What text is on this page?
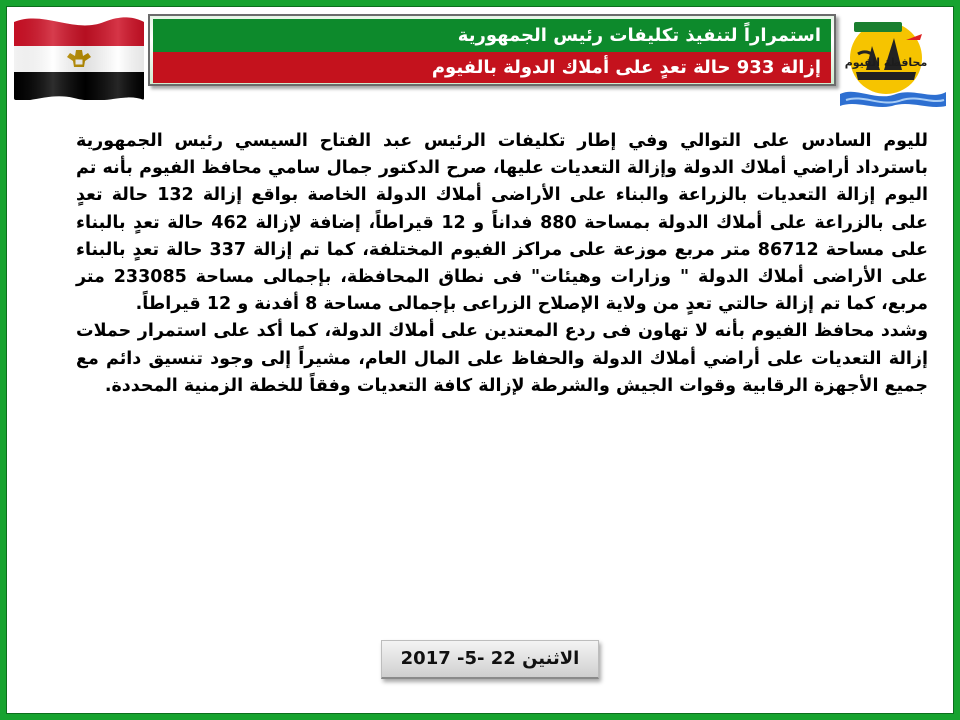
استمراراً لتنفيذ تكليفات رئيس الجمهورية
إزالة 933 حالة تعدٍ على أملاك الدولة بالفيوم	محافظة الفيوم

لليوم السادس على التوالي وفي إطار تكليفات الرئيس عبد الفتاح السيسي رئيس الجمهورية باسترداد أراضي أملاك الدولة وإزالة التعديات عليها، صرح الدكتور جمال سامي محافظ الفيوم بأنه تم اليوم إزالة التعديات بالزراعة والبناء على الأراضى أملاك الدولة الخاصة بواقع إزالة 132 حالة تعدٍ على بالزراعة على أملاك الدولة بمساحة 880 فداناً و 12 قيراطاً، إضافة لإزالة 462 حالة تعدٍ بالبناء على مساحة 86712 متر مربع موزعة على مراكز الفيوم المختلفة، كما تم إزالة 337 حالة تعدٍ بالبناء على الأراضى أملاك الدولة " وزارات وهيئات" فى نطاق المحافظة، بإجمالى مساحة 233085 متر مربع، كما تم إزالة حالتي تعدٍ من ولاية الإصلاح الزراعى بإجمالى مساحة 8 أفدنة و 12 قيراطاً.

وشدد محافظ الفيوم بأنه لا تهاون فى ردع المعتدين على أملاك الدولة، كما أكد على استمرار حملات إزالة التعديات على أراضي أملاك الدولة والحفاظ على المال العام، مشيراً إلى وجود تنسيق دائم مع جميع الأجهزة الرقابية وقوات الجيش والشرطة لإزالة كافة التعديات وفقاً للخطة الزمنية المحددة.

الاثنين 22 -5- 2017
